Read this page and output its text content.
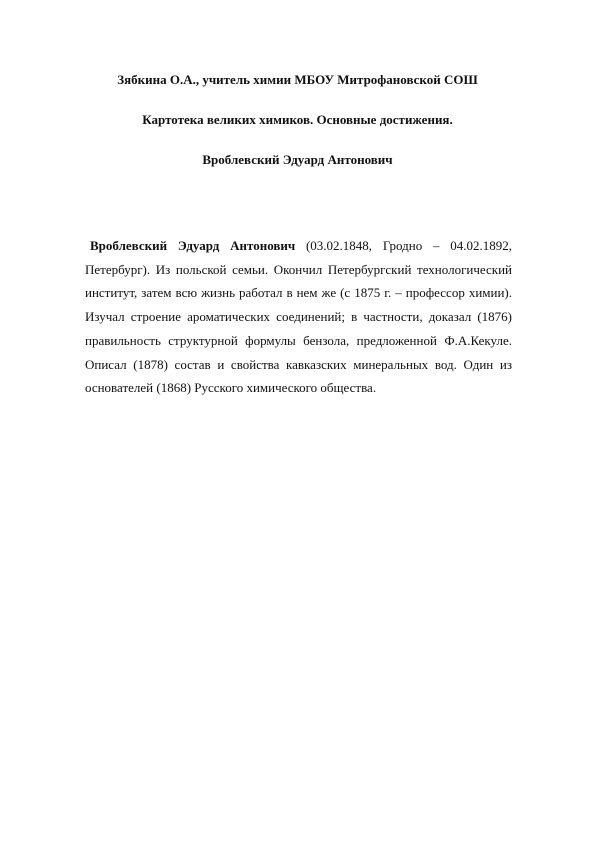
Зябкина О.А., учитель химии МБОУ Митрофановской СОШ
Картотека великих химиков. Основные достижения.
Вроблевский Эдуард Антонович

Вроблевский Эдуард Антонович (03.02.1848, Гродно – 04.02.1892, Петербург). Из польской семьи. Окончил Петербургский технологический институт, затем всю жизнь работал в нем же (с 1875 г. – профессор химии). Изучал строение ароматических соединений; в частности, доказал (1876) правильность структурной формулы бензола, предложенной Ф.А.Кекуле. Описал (1878) состав и свойства кавказских минеральных вод. Один из основателей (1868) Русского химического общества.
